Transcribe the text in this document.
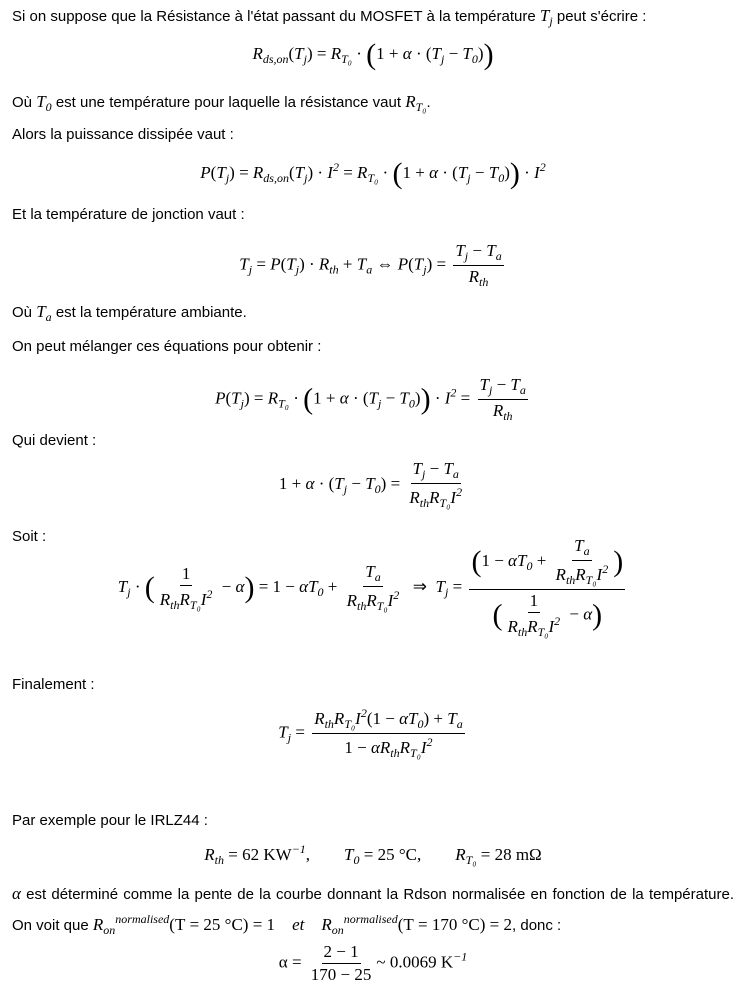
Si on suppose que la Résistance à l'état passant du MOSFET à la température $T_j$ peut s'écrire :
$R_{ds,on}(T_j) = R_{T_0} \cdot (1 + \alpha \cdot (T_j - T_0))$
Où $T_0$ est une température pour laquelle la résistance vaut $R_{T_0}$.
Alors la puissance dissipée vaut :
$P(T_j) = R_{ds,on}(T_j) \cdot I^2 = R_{T_0} \cdot (1 + \alpha \cdot (T_j - T_0)) \cdot I^2$
Et la température de jonction vaut :
$T_j = P(T_j) \cdot R_{th} + T_a$ ⇔ $P(T_j) = \frac{T_j - T_a}{R_{th}}$
Où $T_a$ est la température ambiante.
On peut mélanger ces équations pour obtenir :
$P(T_j) = R_{T_0} \cdot (1 + \alpha \cdot (T_j - T_0)) \cdot I^2 = \frac{T_j - T_a}{R_{th}}$
Qui devient :
$1 + \alpha \cdot (T_j - T_0) = \frac{T_j - T_a}{R_{th}R_{T_0}I^2}$
Soit :
$T_j$ · ( $\frac{1}{R_{th}R_{T_0}I^2} - \alpha) = 1 - \alpha T_0 + \frac{T_a}{R_{th}R_{T_0}I^2}$ ⇒  $T_j = \frac{(1 - \alpha T_0 + \frac{T_a}{R_{th}R_{T_0}I^2} )}{( \frac{1}{R_{th}R_{T_0}I^2} - \alpha)}$
Finalement :
$T_j = \frac{R_{th}R_{T_0}I^2(1 - \alpha T_0) + T_a}{1 - \alpha R_{th}R_{T_0}I^2}$
Par exemple pour le IRLZ44 :
$R_{th} = 62$ $KW^{-1}$,        $T_0 = 25$ °C,        $R_{T_0} = 28$ mΩ
α est déterminé comme la pente de la courbe donnant la Rdson normalisée en fonction de la température. On voit que $R_{on}^{normalised}(T = 25$ °C) = 1 et $R_{on}^{normalised}(T = 170$ °C) = 2, donc :
$\alpha = \frac{2 - 1}{170 - 25}$ ~ 0.0069 $K^{-1}$
